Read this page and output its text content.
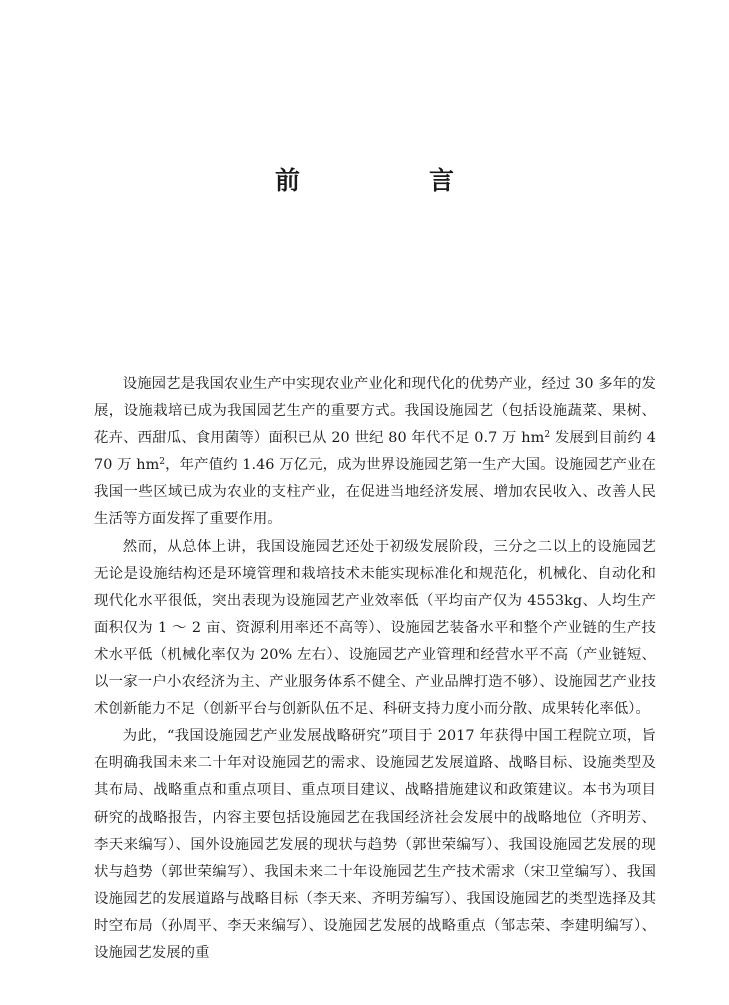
前　言

设施园艺是我国农业生产中实现农业产业化和现代化的优势产业，经过 30 多年的发展，设施栽培已成为我国园艺生产的重要方式。我国设施园艺（包括设施蔬菜、果树、花卉、西甜瓜、食用菌等）面积已从 20 世纪 80 年代不足 0.7 万 $hm^2$ 发展到目前约 470 万 $hm^2$，年产值约 1.46 万亿元，成为世界设施园艺第一生产大国。设施园艺产业在我国一些区域已成为农业的支柱产业，在促进当地经济发展、增加农民收入、改善人民生活等方面发挥了重要作用。

然而，从总体上讲，我国设施园艺还处于初级发展阶段，三分之二以上的设施园艺无论是设施结构还是环境管理和栽培技术未能实现标准化和规范化，机械化、自动化和现代化水平很低，突出表现为设施园艺产业效率低（平均亩产仅为 4553kg、人均生产面积仅为 1 ～ 2 亩、资源利用率还不高等）、设施园艺装备水平和整个产业链的生产技术水平低（机械化率仅为 20% 左右）、设施园艺产业管理和经营水平不高（产业链短、以一家一户小农经济为主、产业服务体系不健全、产业品牌打造不够）、设施园艺产业技术创新能力不足（创新平台与创新队伍不足、科研支持力度小而分散、成果转化率低）。

为此，“我国设施园艺产业发展战略研究”项目于 2017 年获得中国工程院立项，旨在明确我国未来二十年对设施园艺的需求、设施园艺发展道路、战略目标、设施类型及其布局、战略重点和重点项目、重点项目建议、战略措施建议和政策建议。本书为项目研究的战略报告，内容主要包括设施园艺在我国经济社会发展中的战略地位（齐明芳、李天来编写）、国外设施园艺发展的现状与趋势（郭世荣编写）、我国设施园艺发展的现状与趋势（郭世荣编写）、我国未来二十年设施园艺生产技术需求（宋卫堂编写）、我国设施园艺的发展道路与战略目标（李天来、齐明芳编写）、我国设施园艺的类型选择及其时空布局（孙周平、李天来编写）、设施园艺发展的战略重点（邹志荣、李建明编写）、设施园艺发展的重
